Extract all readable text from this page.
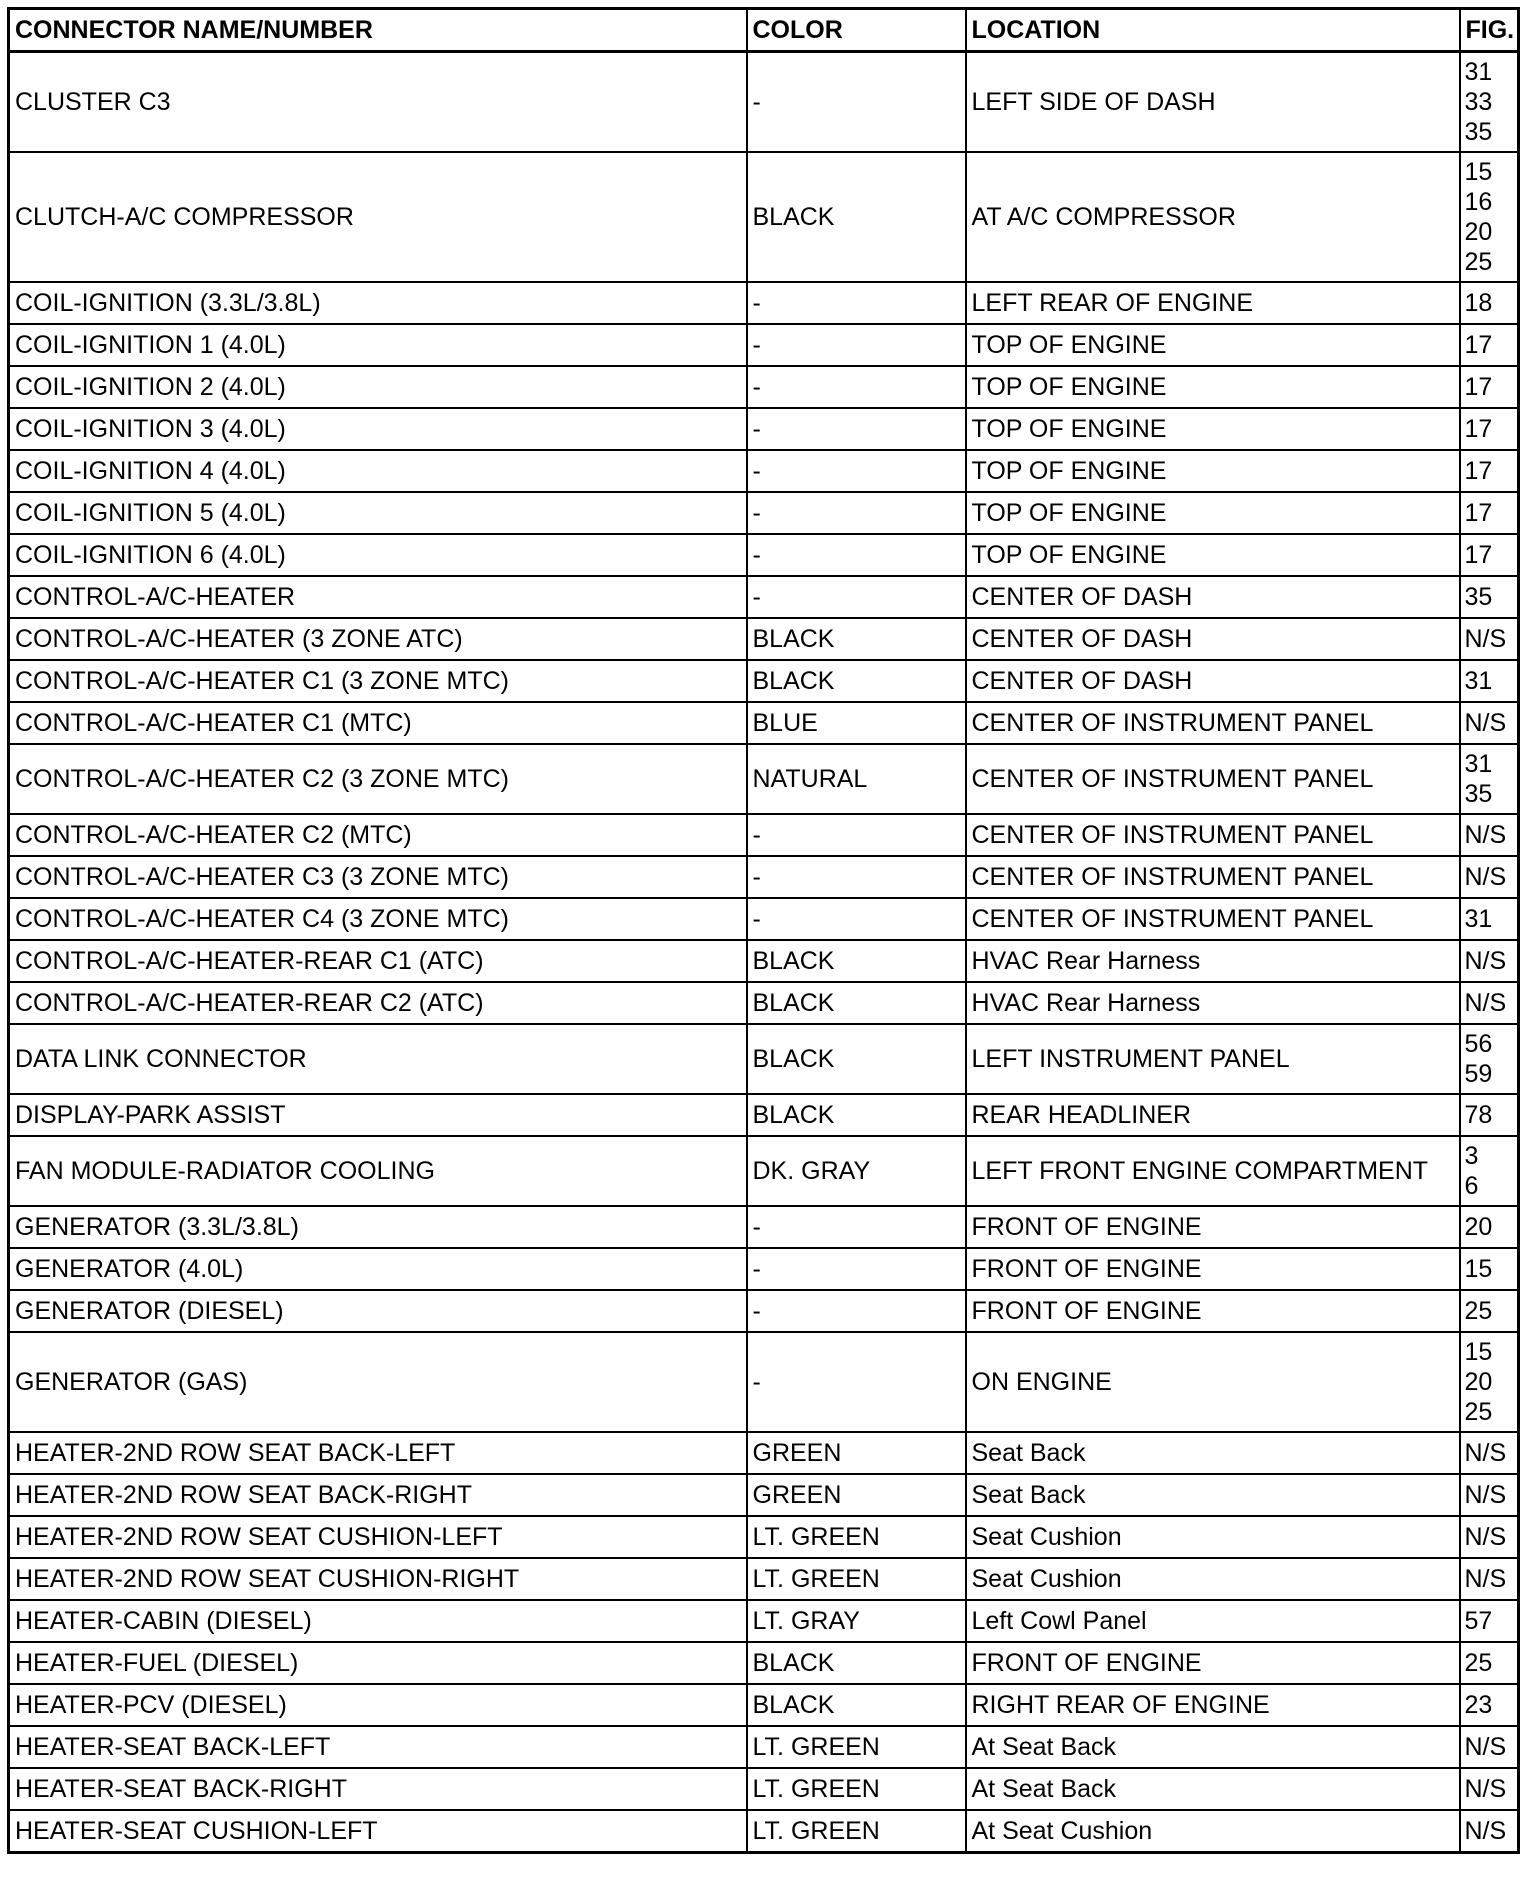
CONNECTOR NAME/NUMBER	COLOR	LOCATION	FIG.
CLUSTER C3	-	LEFT SIDE OF DASH	31
33
35

CLUTCH-A/C COMPRESSOR	BLACK	AT A/C COMPRESSOR	15
16
20
25

COIL-IGNITION (3.3L/3.8L)	-	LEFT REAR OF ENGINE	18

COIL-IGNITION 1 (4.0L)	-	TOP OF ENGINE	17

COIL-IGNITION 2 (4.0L)	-	TOP OF ENGINE	17

COIL-IGNITION 3 (4.0L)	-	TOP OF ENGINE	17

COIL-IGNITION 4 (4.0L)	-	TOP OF ENGINE	17

COIL-IGNITION 5 (4.0L)	-	TOP OF ENGINE	17

COIL-IGNITION 6 (4.0L)	-	TOP OF ENGINE	17

CONTROL-A/C-HEATER	-	CENTER OF DASH	35

CONTROL-A/C-HEATER (3 ZONE ATC)	BLACK	CENTER OF DASH	N/S

CONTROL-A/C-HEATER C1 (3 ZONE MTC)	BLACK	CENTER OF DASH	31

CONTROL-A/C-HEATER C1 (MTC)	BLUE	CENTER OF INSTRUMENT PANEL	N/S

CONTROL-A/C-HEATER C2 (3 ZONE MTC)	NATURAL	CENTER OF INSTRUMENT PANEL	31
35

CONTROL-A/C-HEATER C2 (MTC)	-	CENTER OF INSTRUMENT PANEL	N/S

CONTROL-A/C-HEATER C3 (3 ZONE MTC)	-	CENTER OF INSTRUMENT PANEL	N/S

CONTROL-A/C-HEATER C4 (3 ZONE MTC)	-	CENTER OF INSTRUMENT PANEL	31

CONTROL-A/C-HEATER-REAR C1 (ATC)	BLACK	HVAC Rear Harness	N/S

CONTROL-A/C-HEATER-REAR C2 (ATC)	BLACK	HVAC Rear Harness	N/S

DATA LINK CONNECTOR	BLACK	LEFT INSTRUMENT PANEL	56
59

DISPLAY-PARK ASSIST	BLACK	REAR HEADLINER	78

FAN MODULE-RADIATOR COOLING	DK. GRAY	LEFT FRONT ENGINE COMPARTMENT	3
6

GENERATOR (3.3L/3.8L)	-	FRONT OF ENGINE	20

GENERATOR (4.0L)	-	FRONT OF ENGINE	15

GENERATOR (DIESEL)	-	FRONT OF ENGINE	25

GENERATOR (GAS)	-	ON ENGINE	15
20
25

HEATER-2ND ROW SEAT BACK-LEFT	GREEN	Seat Back	N/S

HEATER-2ND ROW SEAT BACK-RIGHT	GREEN	Seat Back	N/S

HEATER-2ND ROW SEAT CUSHION-LEFT	LT. GREEN	Seat Cushion	N/S

HEATER-2ND ROW SEAT CUSHION-RIGHT	LT. GREEN	Seat Cushion	N/S

HEATER-CABIN (DIESEL)	LT. GRAY	Left Cowl Panel	57

HEATER-FUEL (DIESEL)	BLACK	FRONT OF ENGINE	25

HEATER-PCV (DIESEL)	BLACK	RIGHT REAR OF ENGINE	23

HEATER-SEAT BACK-LEFT	LT. GREEN	At Seat Back	N/S

HEATER-SEAT BACK-RIGHT	LT. GREEN	At Seat Back	N/S

HEATER-SEAT CUSHION-LEFT	LT. GREEN	At Seat Cushion	N/S
